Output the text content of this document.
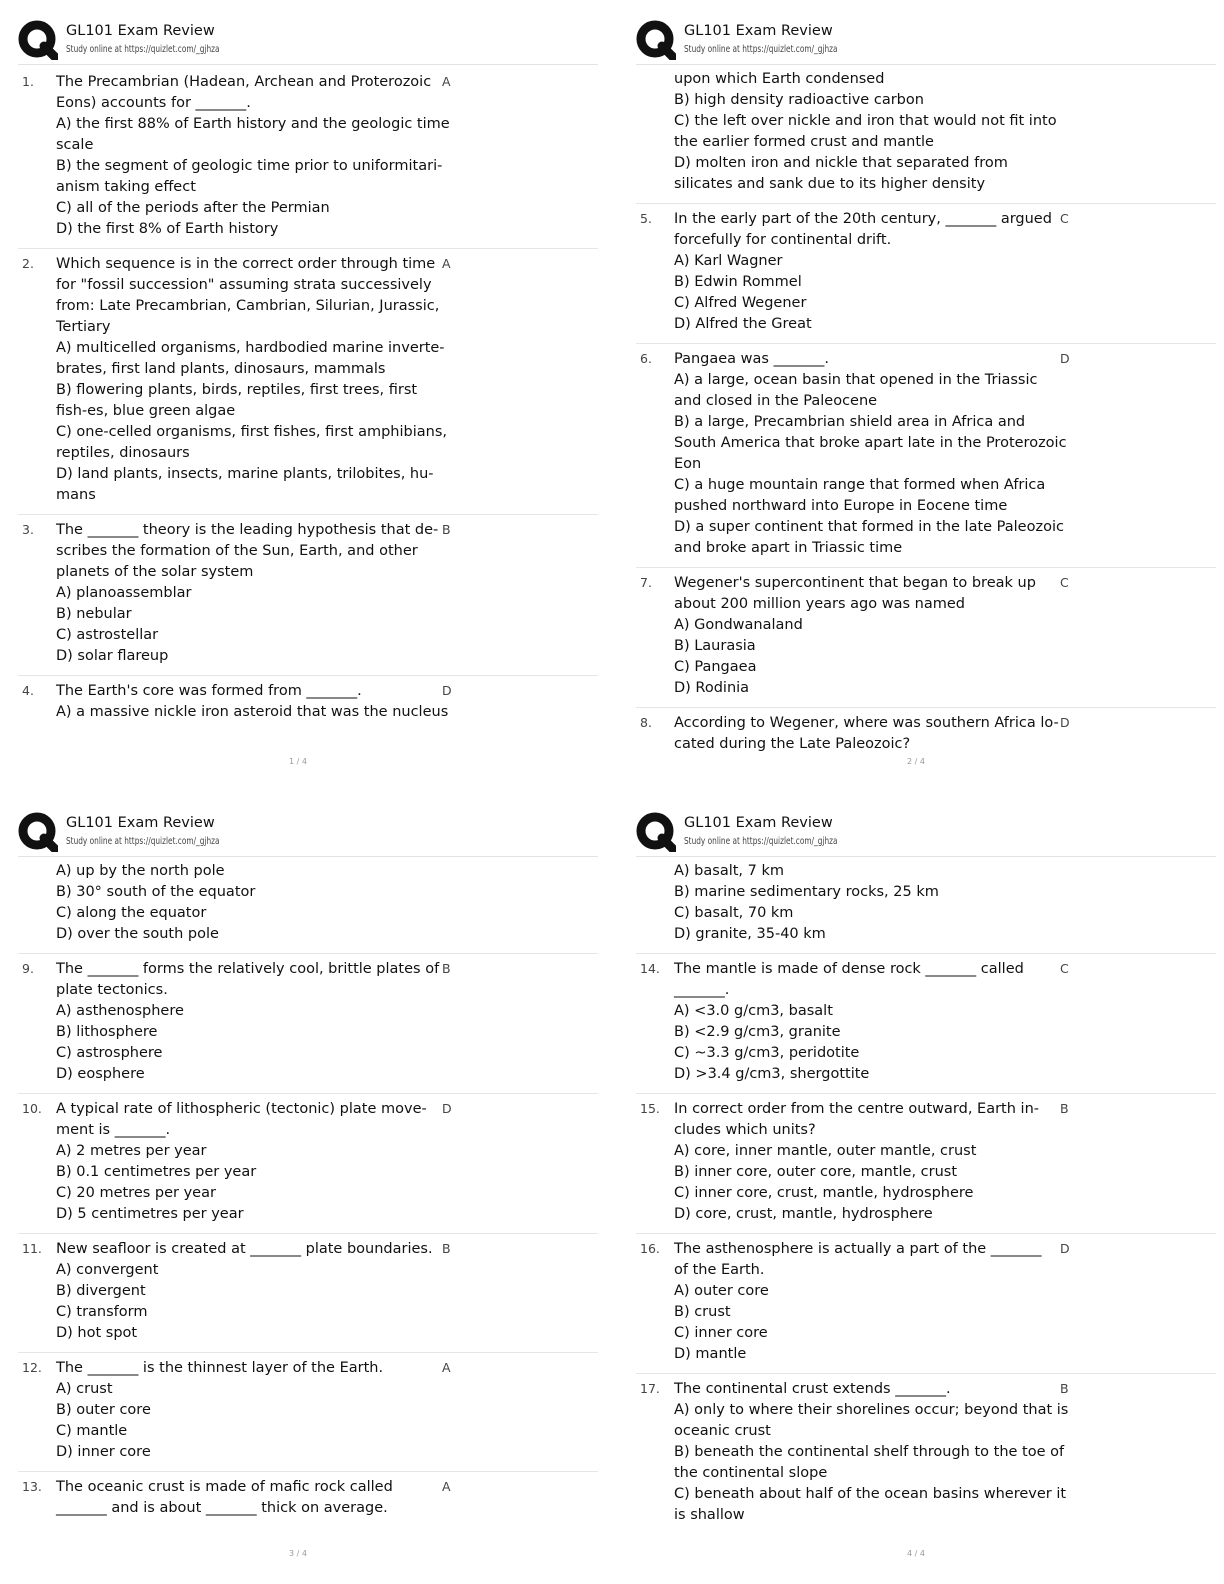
GL101 Exam Review
Study online at https://quizlet.com/_gjhza
1.	A
The Precambrian (Hadean, Archean and Proterozoic Eons) accounts for _______.
A) the first 88% of Earth history and the geologic time scale
B) the segment of geologic time prior to uniformitari-anism taking effect
C) all of the periods after the Permian
D) the first 8% of Earth history
2.	A
Which sequence is in the correct order through time for "fossil succession" assuming strata successively from: Late Precambrian, Cambrian, Silurian, Jurassic, Tertiary
A) multicelled organisms, hardbodied marine inverte-brates, first land plants, dinosaurs, mammals
B) flowering plants, birds, reptiles, first trees, first fish-es, blue green algae
C) one-celled organisms, first fishes, first amphibians, reptiles, dinosaurs
D) land plants, insects, marine plants, trilobites, hu-mans
3.	B
The _______ theory is the leading hypothesis that de-scribes the formation of the Sun, Earth, and other planets of the solar system
A) planoassemblar
B) nebular
C) astrostellar
D) solar flareup
4.	D
The Earth's core was formed from _______.
A) a massive nickle iron asteroid that was the nucleus
1 / 4
GL101 Exam Review
Study online at https://quizlet.com/_gjhza
upon which Earth condensed
B) high density radioactive carbon
C) the left over nickle and iron that would not fit into the earlier formed crust and mantle
D) molten iron and nickle that separated from silicates and sank due to its higher density
5.	C
In the early part of the 20th century, _______ argued forcefully for continental drift.
A) Karl Wagner
B) Edwin Rommel
C) Alfred Wegener
D) Alfred the Great
6.	D
Pangaea was _______.
A) a large, ocean basin that opened in the Triassic and closed in the Paleocene
B) a large, Precambrian shield area in Africa and South America that broke apart late in the Proterozoic Eon
C) a huge mountain range that formed when Africa pushed northward into Europe in Eocene time
D) a super continent that formed in the late Paleozoic and broke apart in Triassic time
7.	C
Wegener's supercontinent that began to break up about 200 million years ago was named
A) Gondwanaland
B) Laurasia
C) Pangaea
D) Rodinia
8.	D
According to Wegener, where was southern Africa lo-cated during the Late Paleozoic?
2 / 4
GL101 Exam Review
Study online at https://quizlet.com/_gjhza
A) up by the north pole
B) 30° south of the equator
C) along the equator
D) over the south pole
9.	B
The _______ forms the relatively cool, brittle plates of plate tectonics.
A) asthenosphere
B) lithosphere
C) astrosphere
D) eosphere
10.	D
A typical rate of lithospheric (tectonic) plate move-ment is _______.
A) 2 metres per year
B) 0.1 centimetres per year
C) 20 metres per year
D) 5 centimetres per year
11.	B
New seafloor is created at _______ plate boundaries.
A) convergent
B) divergent
C) transform
D) hot spot
12.	A
The _______ is the thinnest layer of the Earth.
A) crust
B) outer core
C) mantle
D) inner core
13.	A
The oceanic crust is made of mafic rock called _______ and is about _______ thick on average.
3 / 4
GL101 Exam Review
Study online at https://quizlet.com/_gjhza
A) basalt, 7 km
B) marine sedimentary rocks, 25 km
C) basalt, 70 km
D) granite, 35-40 km
14.	C
The mantle is made of dense rock _______ called _______.
A) <3.0 g/cm3, basalt
B) <2.9 g/cm3, granite
C) ~3.3 g/cm3, peridotite
D) >3.4 g/cm3, shergottite
15.	B
In correct order from the centre outward, Earth in-cludes which units?
A) core, inner mantle, outer mantle, crust
B) inner core, outer core, mantle, crust
C) inner core, crust, mantle, hydrosphere
D) core, crust, mantle, hydrosphere
16.	D
The asthenosphere is actually a part of the _______ of the Earth.
A) outer core
B) crust
C) inner core
D) mantle
17.	B
The continental crust extends _______.
A) only to where their shorelines occur; beyond that is oceanic crust
B) beneath the continental shelf through to the toe of the continental slope
C) beneath about half of the ocean basins wherever it is shallow
4 / 4
